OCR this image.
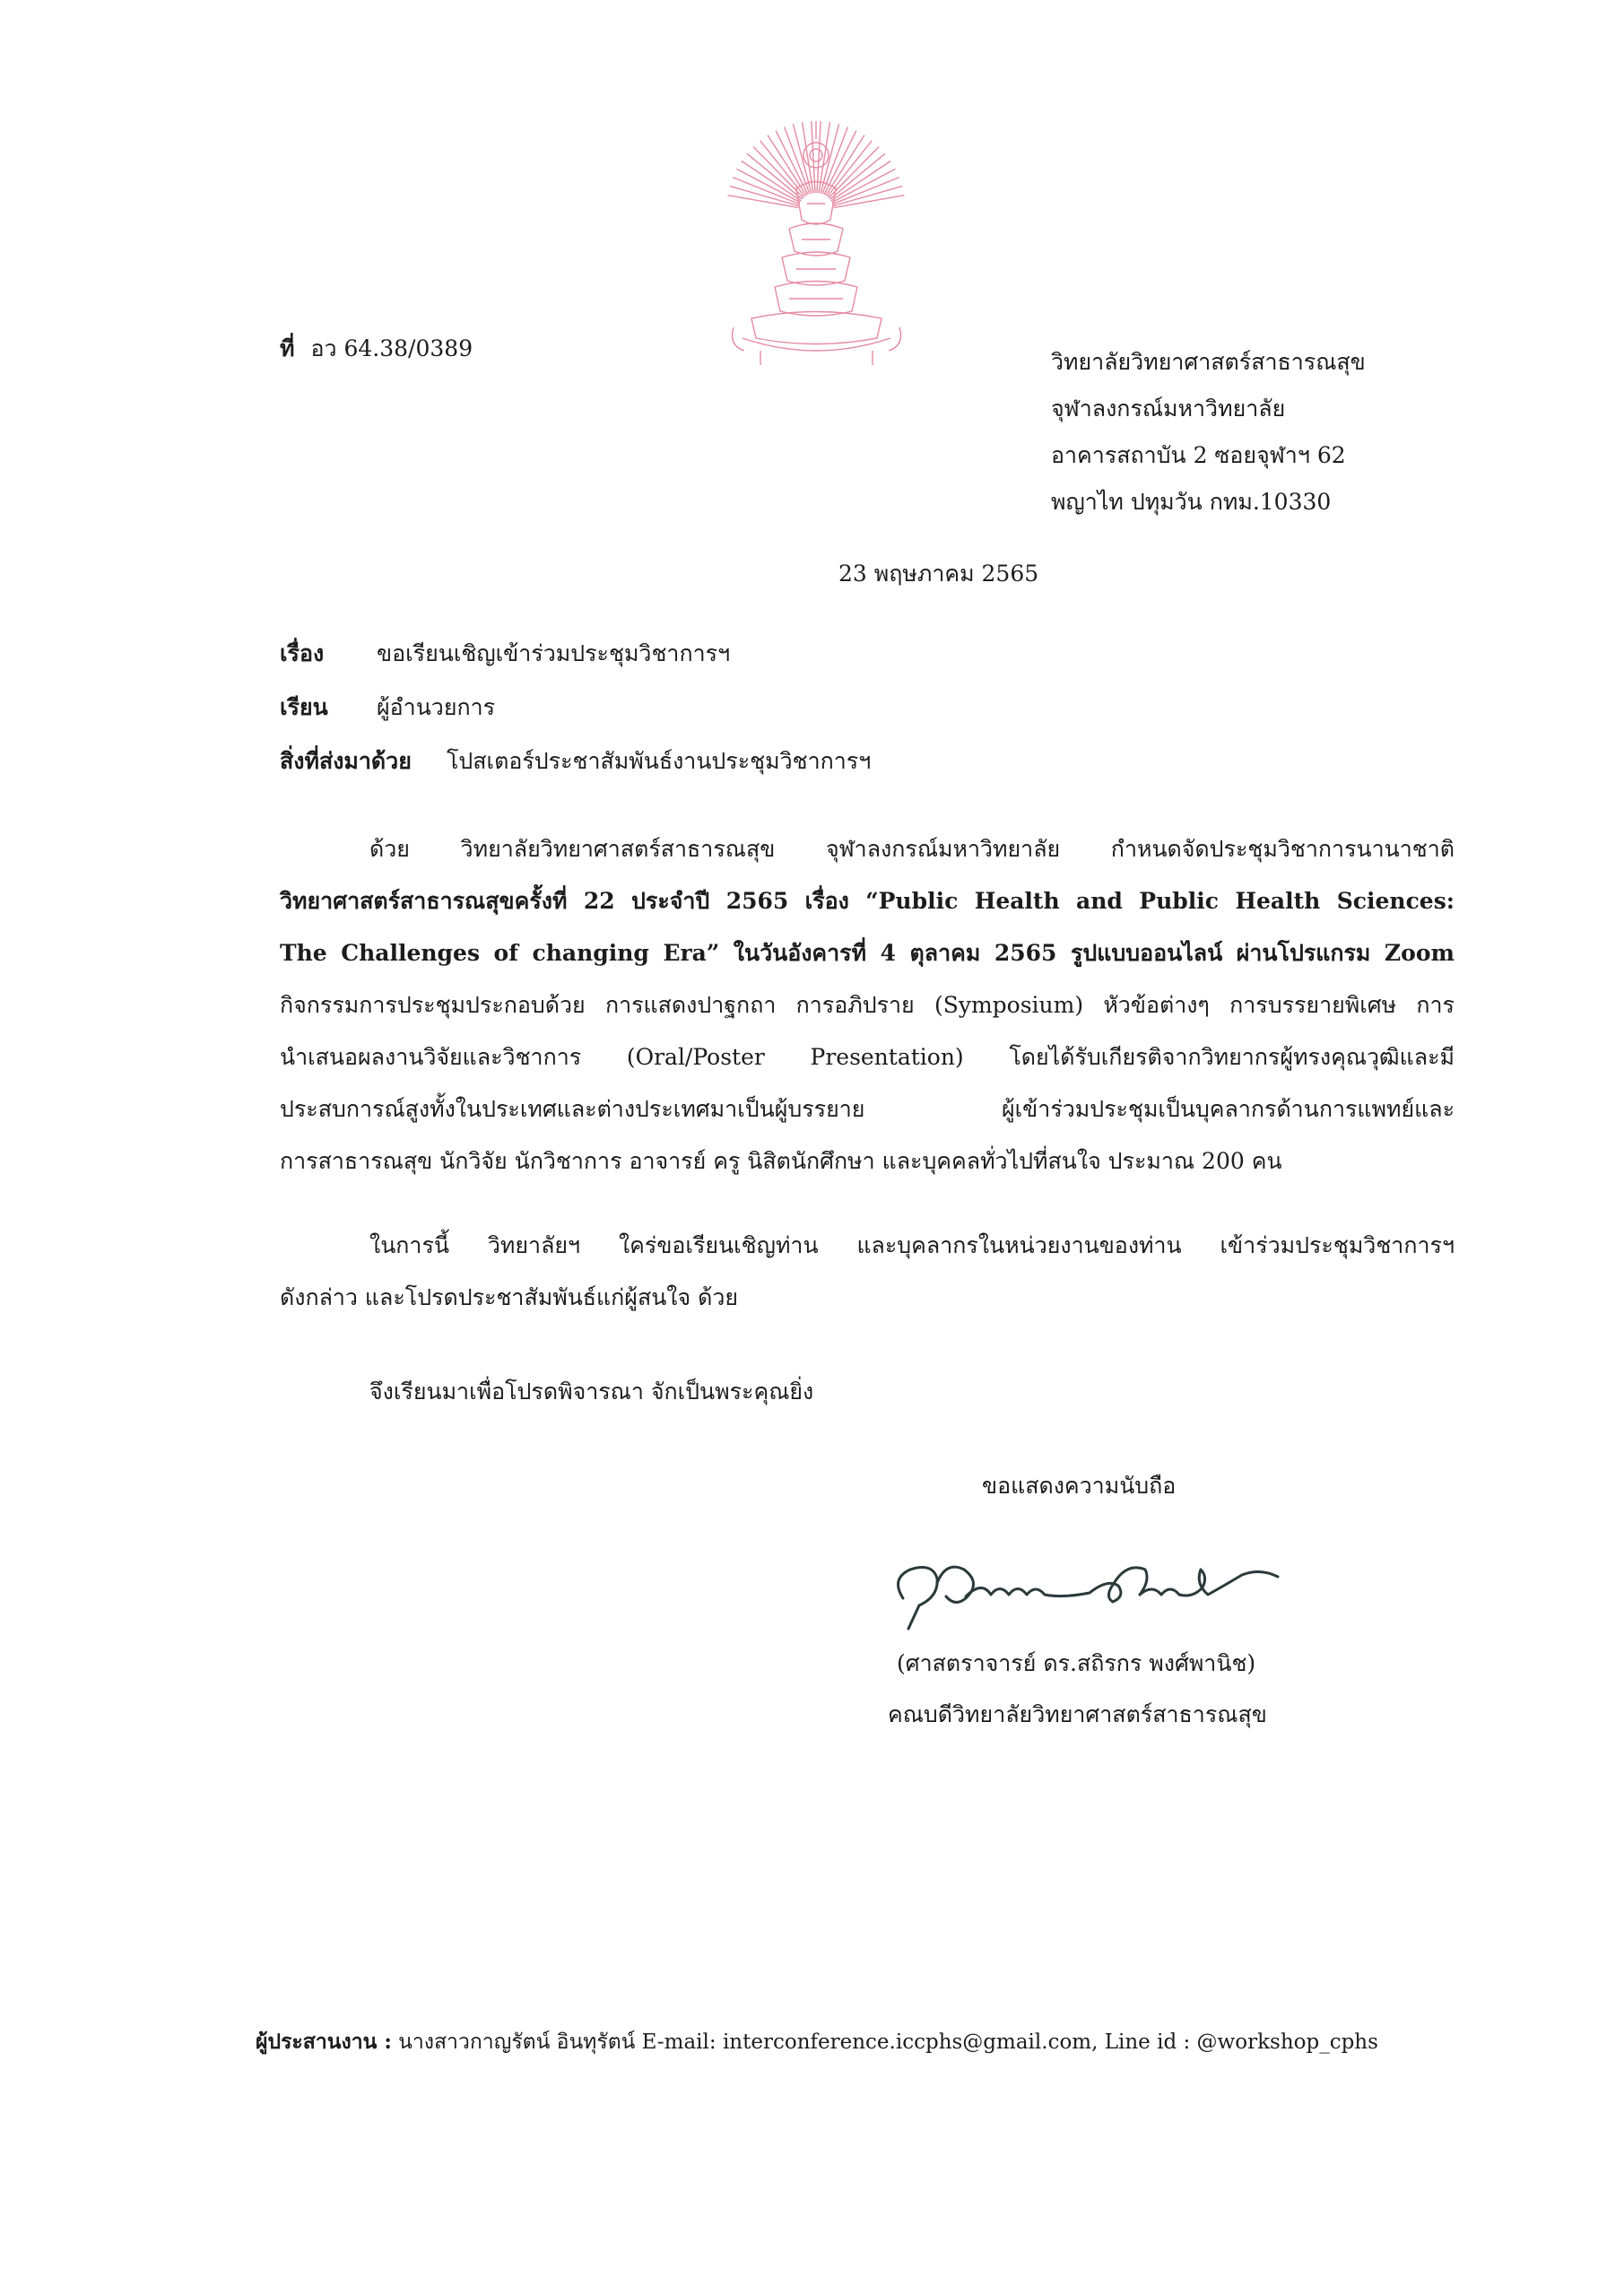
ที่ อว 64.38/0389
วิทยาลัยวิทยาศาสตร์สาธารณสุข
จุฬาลงกรณ์มหาวิทยาลัย
อาคารสถาบัน 2 ซอยจุฬาฯ 62
พญาไท ปทุมวัน กทม.10330
23 พฤษภาคม 2565
เรื่อง ขอเรียนเชิญเข้าร่วมประชุมวิชาการฯ
เรียน ผู้อำนวยการ
สิ่งที่ส่งมาด้วย โปสเตอร์ประชาสัมพันธ์งานประชุมวิชาการฯ
ด้วย วิทยาลัยวิทยาศาสตร์สาธารณสุข จุฬาลงกรณ์มหาวิทยาลัย กำหนดจัดประชุมวิชาการนานาชาติ
วิทยาศาสตร์สาธารณสุขครั้งที่ 22 ประจำปี 2565 เรื่อง “Public Health and Public Health Sciences:
The Challenges of changing Era” ในวันอังคารที่ 4 ตุลาคม 2565 รูปแบบออนไลน์ ผ่านโปรแกรม Zoom
กิจกรรมการประชุมประกอบด้วย การแสดงปาฐกถา การอภิปราย (Symposium) หัวข้อต่างๆ การบรรยายพิเศษ การ
นำเสนอผลงานวิจัยและวิชาการ (Oral/Poster Presentation) โดยได้รับเกียรติจากวิทยากรผู้ทรงคุณวุฒิและมี
ประสบการณ์สูงทั้งในประเทศและต่างประเทศมาเป็นผู้บรรยาย ผู้เข้าร่วมประชุมเป็นบุคลากรด้านการแพทย์และ
การสาธารณสุข นักวิจัย นักวิชาการ อาจารย์ ครู นิสิตนักศึกษา และบุคคลทั่วไปที่สนใจ ประมาณ 200 คน
ในการนี้ วิทยาลัยฯ ใคร่ขอเรียนเชิญท่าน และบุคลากรในหน่วยงานของท่าน เข้าร่วมประชุมวิชาการฯ
ดังกล่าว และโปรดประชาสัมพันธ์แก่ผู้สนใจ ด้วย
จึงเรียนมาเพื่อโปรดพิจารณา จักเป็นพระคุณยิ่ง
ขอแสดงความนับถือ
(ศาสตราจารย์ ดร.สถิรกร พงศ์พานิช)
คณบดีวิทยาลัยวิทยาศาสตร์สาธารณสุข
ผู้ประสานงาน : นางสาวกาญรัตน์ อินทุรัตน์ E-mail: interconference.iccphs@gmail.com, Line id : @workshop_cphs
